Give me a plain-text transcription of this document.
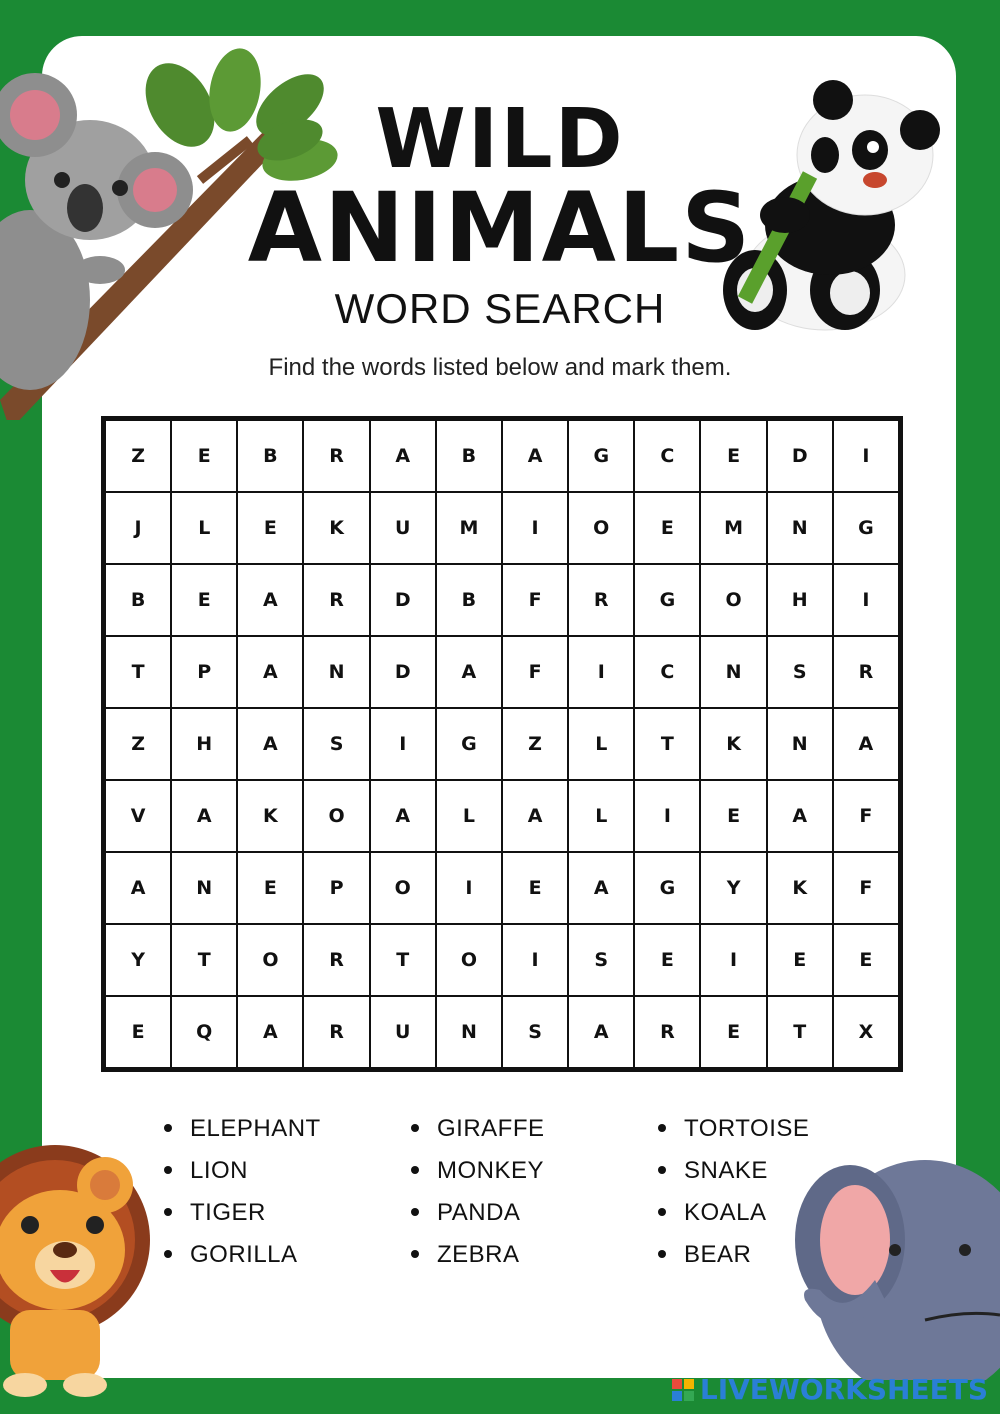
WILD
ANIMALS
WORD SEARCH
Find the words listed below and mark them.
Z	E	B	R	A	B	A	G	C	E	D	I
J	L	E	K	U	M	I	O	E	M	N	G
B	E	A	R	D	B	F	R	G	O	H	I
T	P	A	N	D	A	F	I	C	N	S	R
Z	H	A	S	I	G	Z	L	T	K	N	A
V	A	K	O	A	L	A	L	I	E	A	F
A	N	E	P	O	I	E	A	G	Y	K	F
Y	T	O	R	T	O	I	S	E	I	E	E
E	Q	A	R	U	N	S	A	R	E	T	X
ELEPHANT
LION
TIGER
GORILLA
GIRAFFE
MONKEY
PANDA
ZEBRA
TORTOISE
SNAKE
KOALA
BEAR
LIVEWORKSHEETS
